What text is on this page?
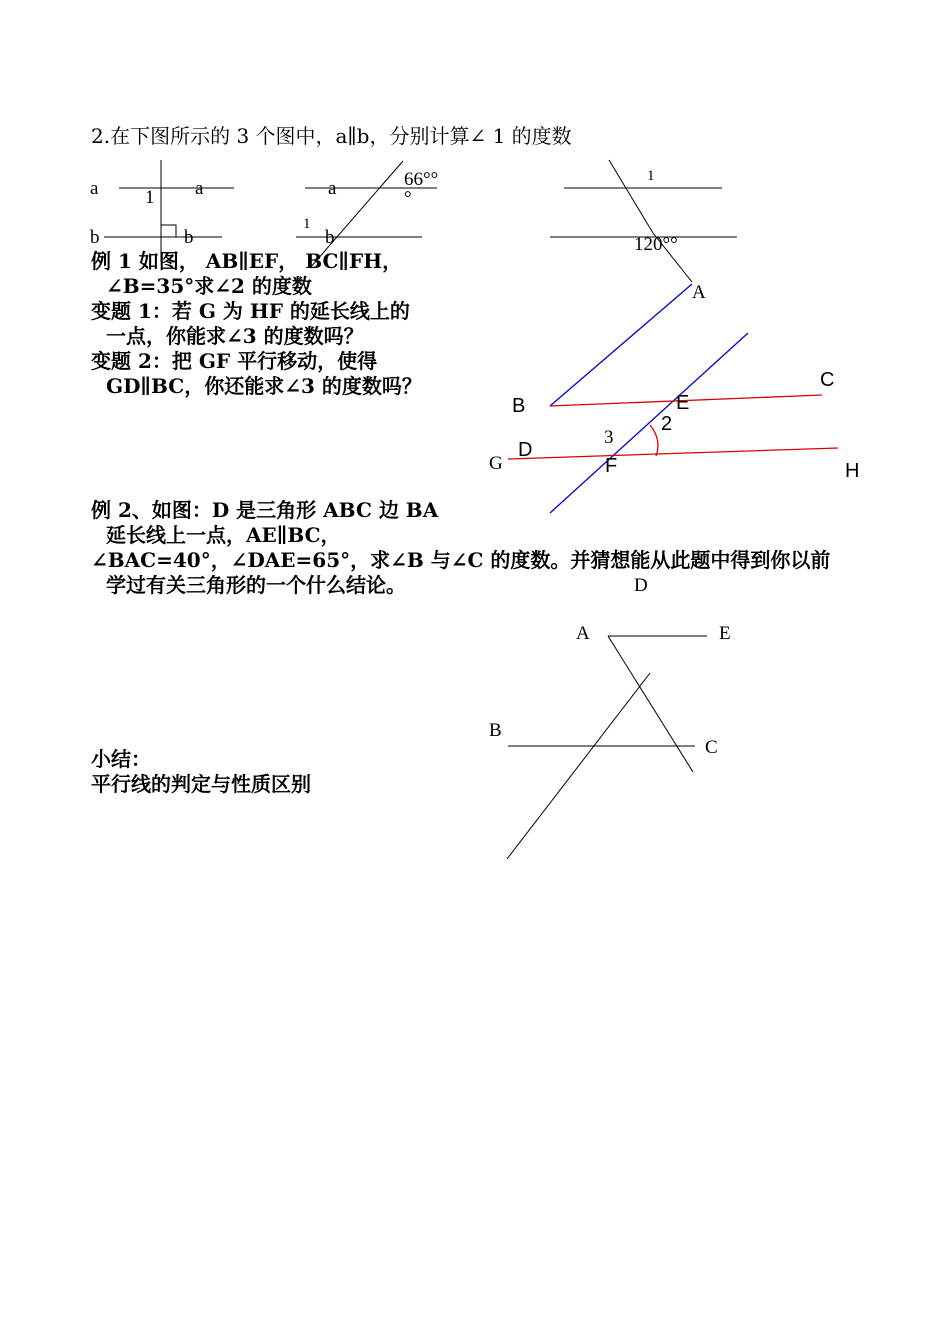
2.在下图所示的 3 个图中，a∥b，分别计算∠ 1 的度数
例 1 如图， AB∥EF， BC∥FH，
∠B=35°求∠2 的度数
变题 1：若 G 为 HF 的延长线上的
一点，你能求∠3 的度数吗？
变题 2：把 GF 平行移动，使得
GD∥BC，你还能求∠3 的度数吗？
例 2、如图：D 是三角形 ABC 边 BA
延长线上一点，AE∥BC，
∠BAC=40°，∠DAE=65°，求∠B 与∠C 的度数。并猜想能从此题中得到你以前
学过有关三角形的一个什么结论。
小结：
平行线的判定与性质区别
a	a
1
b	b
a	66°°
°
1
b
1
120°°
A
B
C
D
E
F
G	H
2
3
D
A	E
B
C
